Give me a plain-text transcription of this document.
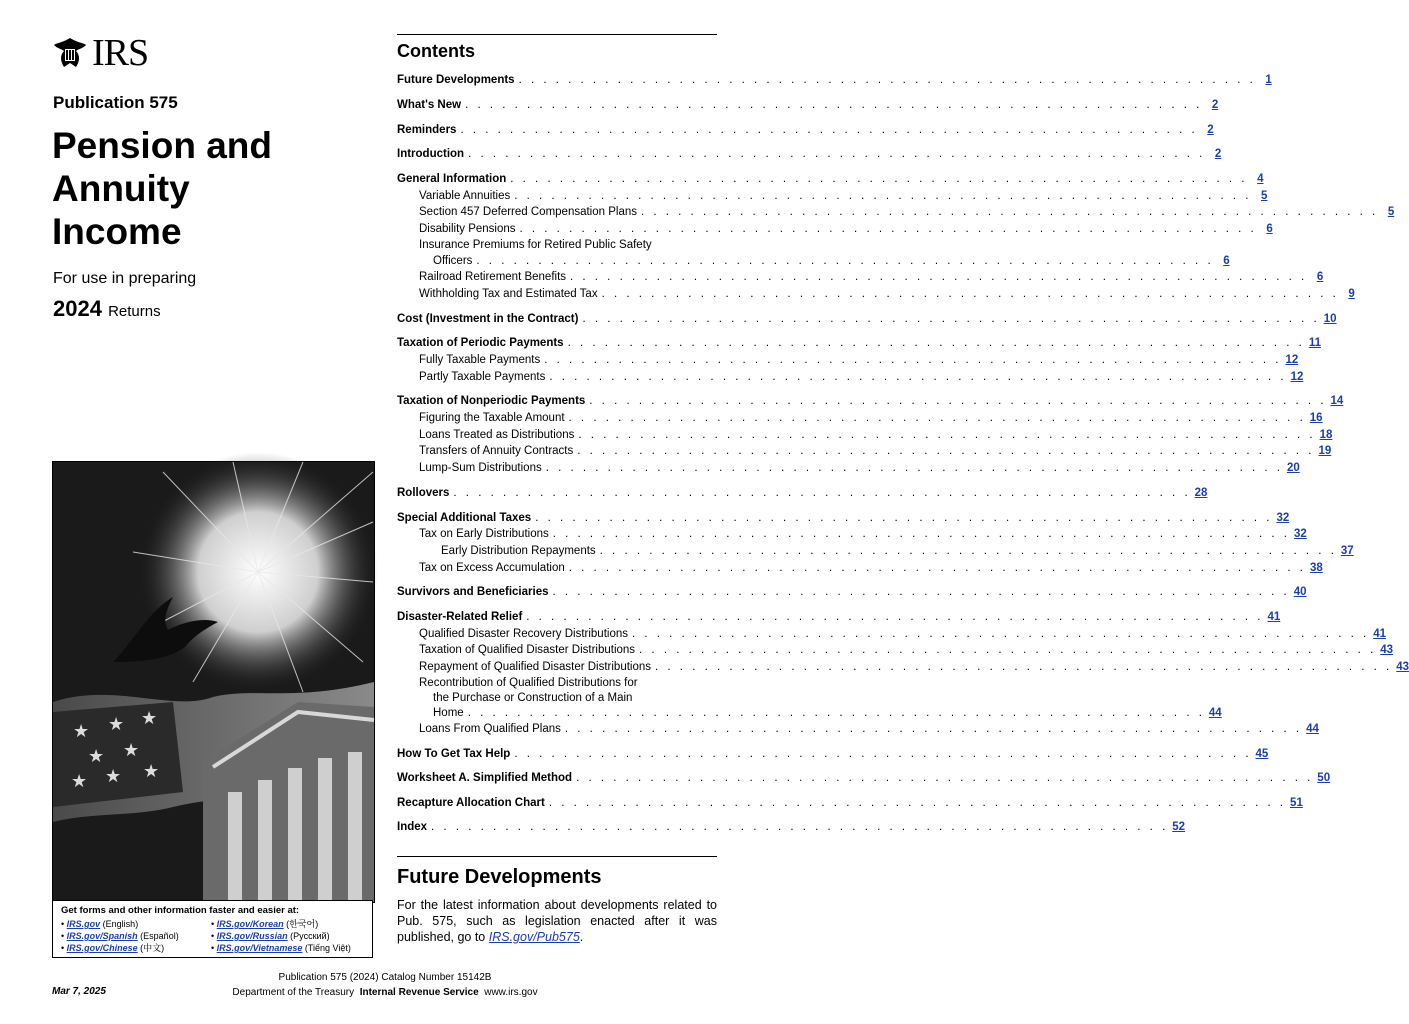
IRS
Publication 575
Pension and
Annuity
Income
For use in preparing
2024 Returns
★ ★ ★
★ ★
★ ★ ★
Get forms and other information faster and easier at:
• IRS.gov (English)
• IRS.gov/Spanish (Español)
• IRS.gov/Chinese (中文)
• IRS.gov/Korean (한국어)
• IRS.gov/Russian (Русский)
• IRS.gov/Vietnamese (Tiếng Việt)
Mar 7, 2025
Publication 575 (2024) Catalog Number 15142B
Department of the Treasury Internal Revenue Service www.irs.gov
Contents
Future Developments . . . . . . . . . . . . . . . . . . . . . . . . . . . . . . . . . . . . . . . . . . . . . . . . . . . . . . . . . . . . 1
What's New . . . . . . . . . . . . . . . . . . . . . . . . . . . . . . . . . . . . . . . . . . . . . . . . . . . . . . . . . . . . 2
Reminders . . . . . . . . . . . . . . . . . . . . . . . . . . . . . . . . . . . . . . . . . . . . . . . . . . . . . . . . . . . . 2
Introduction . . . . . . . . . . . . . . . . . . . . . . . . . . . . . . . . . . . . . . . . . . . . . . . . . . . . . . . . . . . . 2
General Information . . . . . . . . . . . . . . . . . . . . . . . . . . . . . . . . . . . . . . . . . . . . . . . . . . . . . . . . . . . . 4
Variable Annuities . . . . . . . . . . . . . . . . . . . . . . . . . . . . . . . . . . . . . . . . . . . . . . . . . . . . . . . . . . . . 5
Section 457 Deferred Compensation Plans . . . . . . . . . . . . . . . . . . . . . . . . . . . . . . . . . . . . . . . . . . . . . . . . . . . . . . . . . . . . 5
Disability Pensions . . . . . . . . . . . . . . . . . . . . . . . . . . . . . . . . . . . . . . . . . . . . . . . . . . . . . . . . . . . . 6
Insurance Premiums for Retired Public Safety
Officers . . . . . . . . . . . . . . . . . . . . . . . . . . . . . . . . . . . . . . . . . . . . . . . . . . . . . . . . . . . . 6
Railroad Retirement Benefits . . . . . . . . . . . . . . . . . . . . . . . . . . . . . . . . . . . . . . . . . . . . . . . . . . . . . . . . . . . . 6
Withholding Tax and Estimated Tax . . . . . . . . . . . . . . . . . . . . . . . . . . . . . . . . . . . . . . . . . . . . . . . . . . . . . . . . . . . . 9
Cost (Investment in the Contract) . . . . . . . . . . . . . . . . . . . . . . . . . . . . . . . . . . . . . . . . . . . . . . . . . . . . . . . . . . . . 10
Taxation of Periodic Payments . . . . . . . . . . . . . . . . . . . . . . . . . . . . . . . . . . . . . . . . . . . . . . . . . . . . . . . . . . . . 11
Fully Taxable Payments . . . . . . . . . . . . . . . . . . . . . . . . . . . . . . . . . . . . . . . . . . . . . . . . . . . . . . . . . . . . 12
Partly Taxable Payments . . . . . . . . . . . . . . . . . . . . . . . . . . . . . . . . . . . . . . . . . . . . . . . . . . . . . . . . . . . . 12
Taxation of Nonperiodic Payments . . . . . . . . . . . . . . . . . . . . . . . . . . . . . . . . . . . . . . . . . . . . . . . . . . . . . . . . . . . . 14
Figuring the Taxable Amount . . . . . . . . . . . . . . . . . . . . . . . . . . . . . . . . . . . . . . . . . . . . . . . . . . . . . . . . . . . . 16
Loans Treated as Distributions . . . . . . . . . . . . . . . . . . . . . . . . . . . . . . . . . . . . . . . . . . . . . . . . . . . . . . . . . . . . 18
Transfers of Annuity Contracts . . . . . . . . . . . . . . . . . . . . . . . . . . . . . . . . . . . . . . . . . . . . . . . . . . . . . . . . . . . . 19
Lump-Sum Distributions . . . . . . . . . . . . . . . . . . . . . . . . . . . . . . . . . . . . . . . . . . . . . . . . . . . . . . . . . . . . 20
Rollovers . . . . . . . . . . . . . . . . . . . . . . . . . . . . . . . . . . . . . . . . . . . . . . . . . . . . . . . . . . . . 28
Special Additional Taxes . . . . . . . . . . . . . . . . . . . . . . . . . . . . . . . . . . . . . . . . . . . . . . . . . . . . . . . . . . . . 32
Tax on Early Distributions . . . . . . . . . . . . . . . . . . . . . . . . . . . . . . . . . . . . . . . . . . . . . . . . . . . . . . . . . . . . 32
Early Distribution Repayments . . . . . . . . . . . . . . . . . . . . . . . . . . . . . . . . . . . . . . . . . . . . . . . . . . . . . . . . . . . . 37
Tax on Excess Accumulation . . . . . . . . . . . . . . . . . . . . . . . . . . . . . . . . . . . . . . . . . . . . . . . . . . . . . . . . . . . . 38
Survivors and Beneficiaries . . . . . . . . . . . . . . . . . . . . . . . . . . . . . . . . . . . . . . . . . . . . . . . . . . . . . . . . . . . . 40
Disaster-Related Relief . . . . . . . . . . . . . . . . . . . . . . . . . . . . . . . . . . . . . . . . . . . . . . . . . . . . . . . . . . . . 41
Qualified Disaster Recovery Distributions . . . . . . . . . . . . . . . . . . . . . . . . . . . . . . . . . . . . . . . . . . . . . . . . . . . . . . . . . . . . 41
Taxation of Qualified Disaster Distributions . . . . . . . . . . . . . . . . . . . . . . . . . . . . . . . . . . . . . . . . . . . . . . . . . . . . . . . . . . . . 43
Repayment of Qualified Disaster Distributions . . . . . . . . . . . . . . . . . . . . . . . . . . . . . . . . . . . . . . . . . . . . . . . . . . . . . . . . . . . . 43
Recontribution of Qualified Distributions for
the Purchase or Construction of a Main
Home . . . . . . . . . . . . . . . . . . . . . . . . . . . . . . . . . . . . . . . . . . . . . . . . . . . . . . . . . . . . 44
Loans From Qualified Plans . . . . . . . . . . . . . . . . . . . . . . . . . . . . . . . . . . . . . . . . . . . . . . . . . . . . . . . . . . . . 44
How To Get Tax Help . . . . . . . . . . . . . . . . . . . . . . . . . . . . . . . . . . . . . . . . . . . . . . . . . . . . . . . . . . . . 45
Worksheet A. Simplified Method . . . . . . . . . . . . . . . . . . . . . . . . . . . . . . . . . . . . . . . . . . . . . . . . . . . . . . . . . . . . 50
Recapture Allocation Chart . . . . . . . . . . . . . . . . . . . . . . . . . . . . . . . . . . . . . . . . . . . . . . . . . . . . . . . . . . . . 51
Index . . . . . . . . . . . . . . . . . . . . . . . . . . . . . . . . . . . . . . . . . . . . . . . . . . . . . . . . . . . . 52
Future Developments
For the latest information about developments related to Pub. 575, such as legislation enacted after it was published, go to IRS.gov/Pub575.
